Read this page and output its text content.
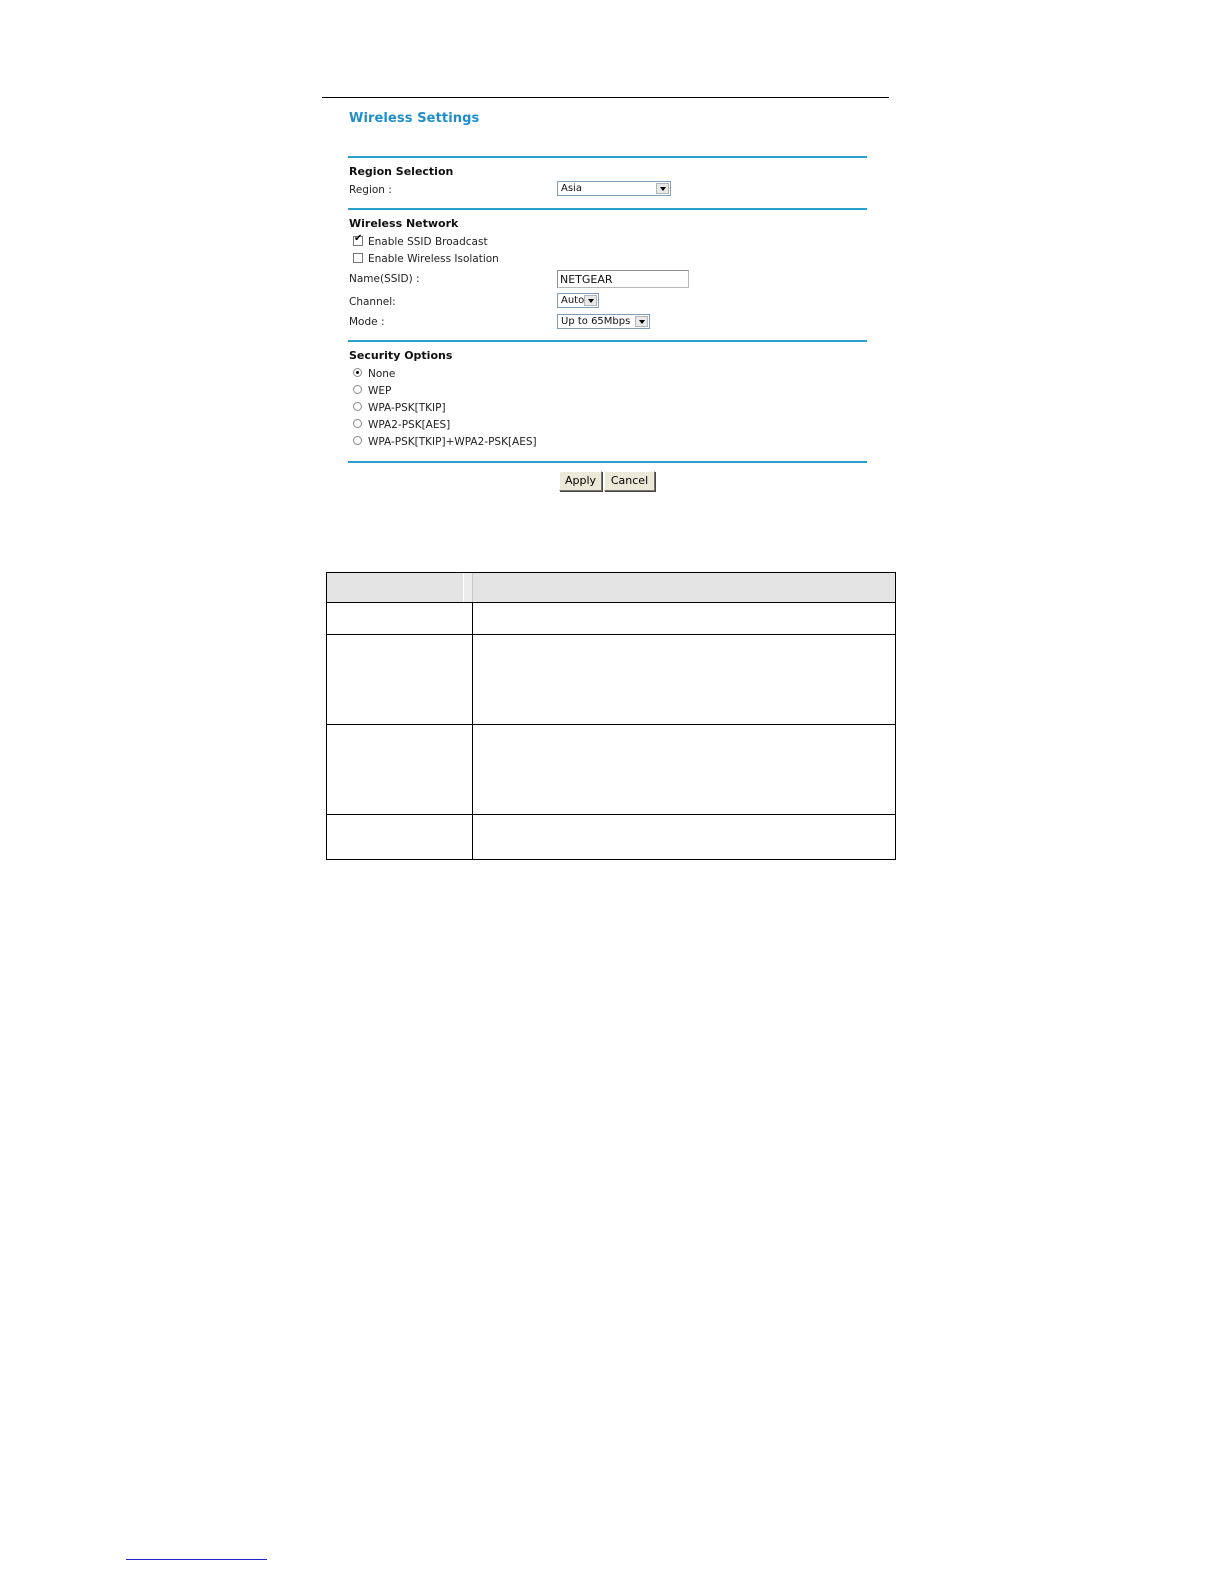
Wireless Settings
Region Selection
Region :	Asia
Wireless Network
✔ Enable SSID Broadcast
Enable Wireless Isolation
Name(SSID) :	NETGEAR
Channel:	Auto
Mode :	Up to 65Mbps
Security Options
None
WEP
WPA-PSK[TKIP]
WPA2-PSK[AES]
WPA-PSK[TKIP]+WPA2-PSK[AES]
Apply	Cancel
